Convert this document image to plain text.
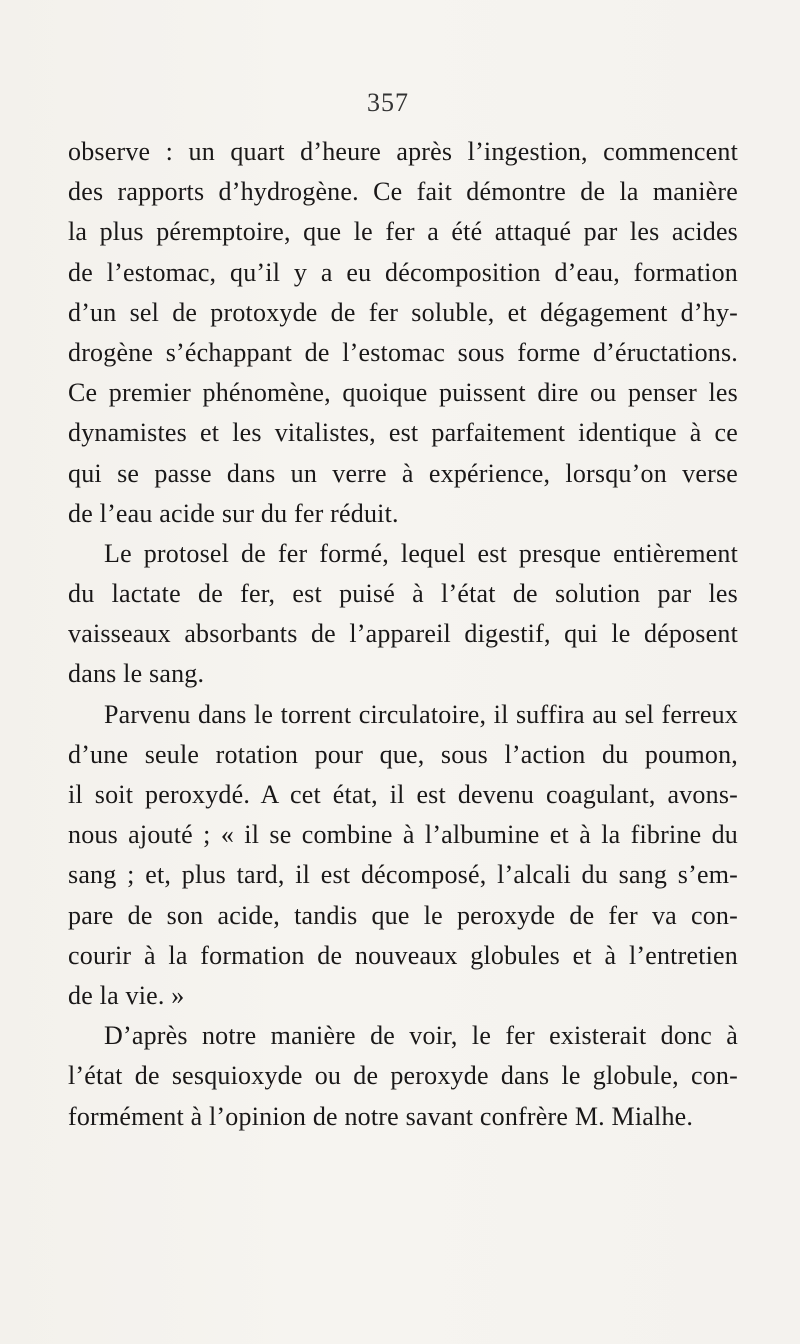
357
observe : un quart d’heure après l’ingestion, commencent
des rapports d’hydrogène. Ce fait démontre de la manière
la plus péremptoire, que le fer a été attaqué par les acides
de l’estomac, qu’il y a eu décomposition d’eau, formation
d’un sel de protoxyde de fer soluble, et dégagement d’hy-
drogène s’échappant de l’estomac sous forme d’éructations.
Ce premier phénomène, quoique puissent dire ou penser les
dynamistes et les vitalistes, est parfaitement identique à ce
qui se passe dans un verre à expérience, lorsqu’on verse
de l’eau acide sur du fer réduit.
Le protosel de fer formé, lequel est presque entièrement
du lactate de fer, est puisé à l’état de solution par les
vaisseaux absorbants de l’appareil digestif, qui le déposent
dans le sang.
Parvenu dans le torrent circulatoire, il suffira au sel ferreux
d’une seule rotation pour que, sous l’action du poumon,
il soit peroxydé. A cet état, il est devenu coagulant, avons-
nous ajouté ; « il se combine à l’albumine et à la fibrine du
sang ; et, plus tard, il est décomposé, l’alcali du sang s’em-
pare de son acide, tandis que le peroxyde de fer va con-
courir à la formation de nouveaux globules et à l’entretien
de la vie. »
D’après notre manière de voir, le fer existerait donc à
l’état de sesquioxyde ou de peroxyde dans le globule, con-
formément à l’opinion de notre savant confrère M. Mialhe.
